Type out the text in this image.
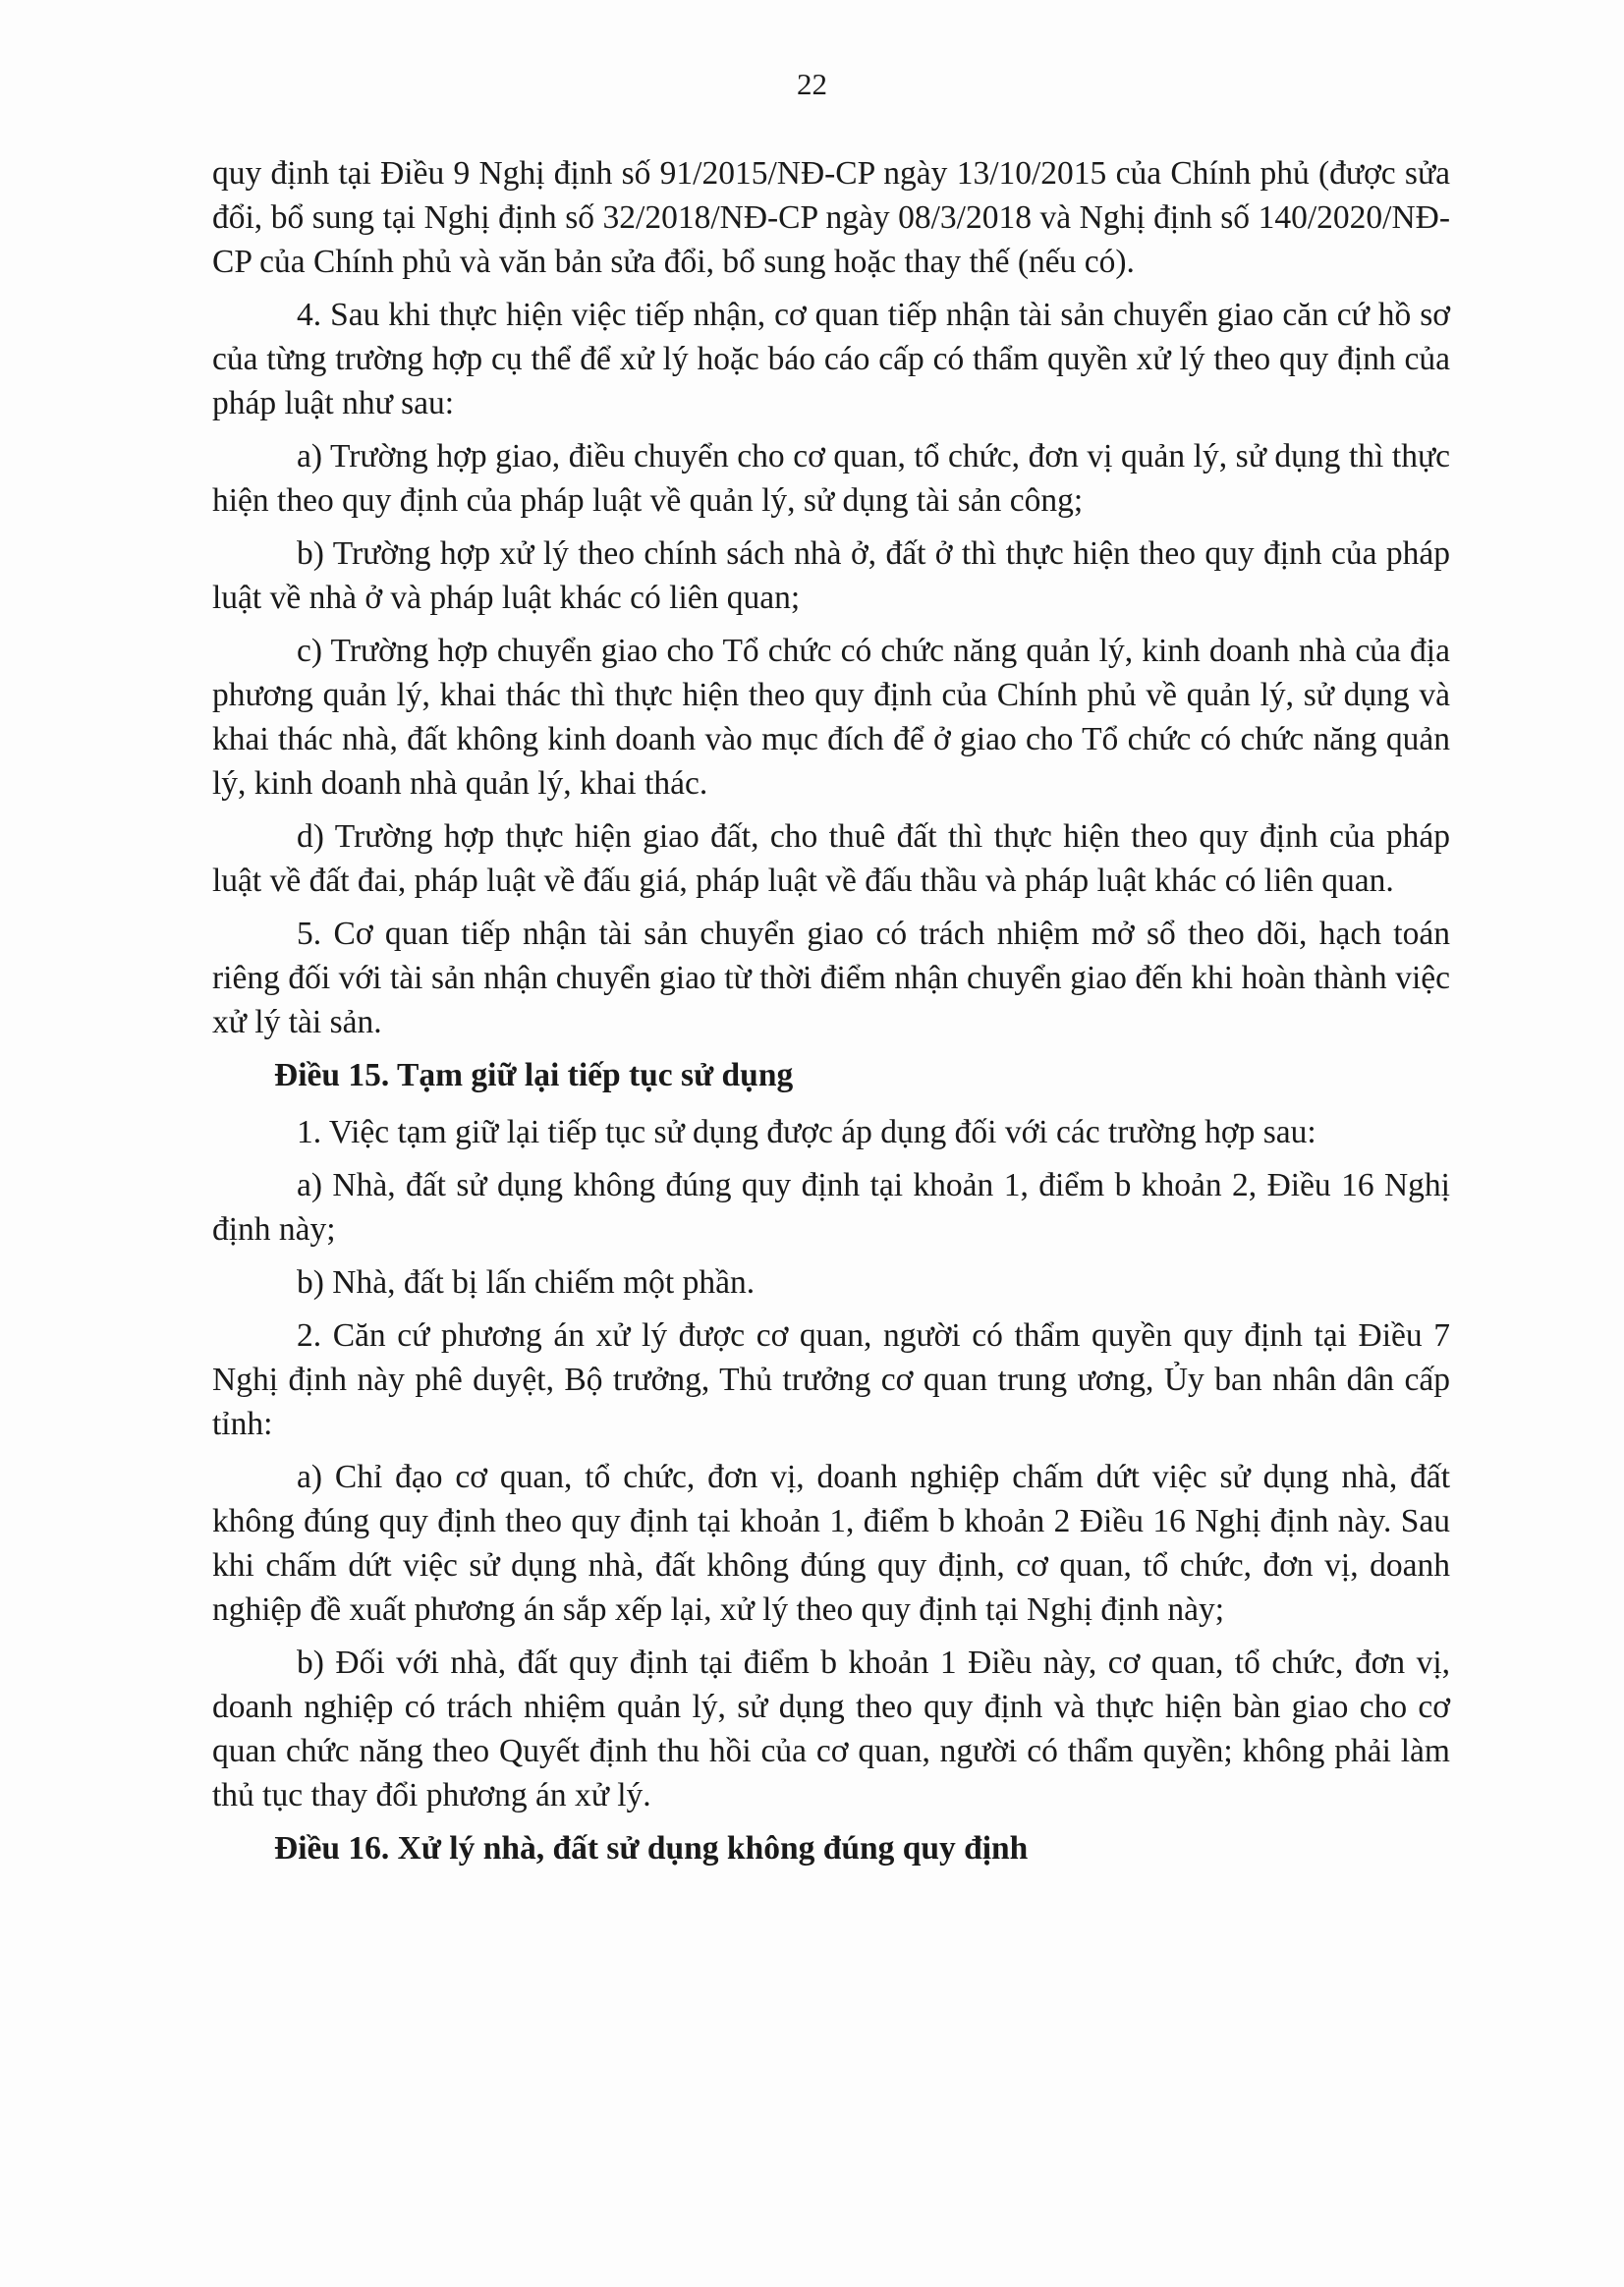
22

quy định tại Điều 9 Nghị định số 91/2015/NĐ-CP ngày 13/10/2015 của Chính phủ (được sửa đổi, bổ sung tại Nghị định số 32/2018/NĐ-CP ngày 08/3/2018 và Nghị định số 140/2020/NĐ-CP của Chính phủ và văn bản sửa đổi, bổ sung hoặc thay thế (nếu có).

4. Sau khi thực hiện việc tiếp nhận, cơ quan tiếp nhận tài sản chuyển giao căn cứ hồ sơ của từng trường hợp cụ thể để xử lý hoặc báo cáo cấp có thẩm quyền xử lý theo quy định của pháp luật như sau:

a) Trường hợp giao, điều chuyển cho cơ quan, tổ chức, đơn vị quản lý, sử dụng thì thực hiện theo quy định của pháp luật về quản lý, sử dụng tài sản công;

b) Trường hợp xử lý theo chính sách nhà ở, đất ở thì thực hiện theo quy định của pháp luật về nhà ở và pháp luật khác có liên quan;

c) Trường hợp chuyển giao cho Tổ chức có chức năng quản lý, kinh doanh nhà của địa phương quản lý, khai thác thì thực hiện theo quy định của Chính phủ về quản lý, sử dụng và khai thác nhà, đất không kinh doanh vào mục đích để ở giao cho Tổ chức có chức năng quản lý, kinh doanh nhà quản lý, khai thác.

d) Trường hợp thực hiện giao đất, cho thuê đất thì thực hiện theo quy định của pháp luật về đất đai, pháp luật về đấu giá, pháp luật về đấu thầu và pháp luật khác có liên quan.

5. Cơ quan tiếp nhận tài sản chuyển giao có trách nhiệm mở sổ theo dõi, hạch toán riêng đối với tài sản nhận chuyển giao từ thời điểm nhận chuyển giao đến khi hoàn thành việc xử lý tài sản.

Điều 15. Tạm giữ lại tiếp tục sử dụng

1. Việc tạm giữ lại tiếp tục sử dụng được áp dụng đối với các trường hợp sau:

a) Nhà, đất sử dụng không đúng quy định tại khoản 1, điểm b khoản 2, Điều 16 Nghị định này;

b) Nhà, đất bị lấn chiếm một phần.

2. Căn cứ phương án xử lý được cơ quan, người có thẩm quyền quy định tại Điều 7 Nghị định này phê duyệt, Bộ trưởng, Thủ trưởng cơ quan trung ương, Ủy ban nhân dân cấp tỉnh:

a) Chỉ đạo cơ quan, tổ chức, đơn vị, doanh nghiệp chấm dứt việc sử dụng nhà, đất không đúng quy định theo quy định tại khoản 1, điểm b khoản 2 Điều 16 Nghị định này. Sau khi chấm dứt việc sử dụng nhà, đất không đúng quy định, cơ quan, tổ chức, đơn vị, doanh nghiệp đề xuất phương án sắp xếp lại, xử lý theo quy định tại Nghị định này;

b) Đối với nhà, đất quy định tại điểm b khoản 1 Điều này, cơ quan, tổ chức, đơn vị, doanh nghiệp có trách nhiệm quản lý, sử dụng theo quy định và thực hiện bàn giao cho cơ quan chức năng theo Quyết định thu hồi của cơ quan, người có thẩm quyền; không phải làm thủ tục thay đổi phương án xử lý.

Điều 16. Xử lý nhà, đất sử dụng không đúng quy định
